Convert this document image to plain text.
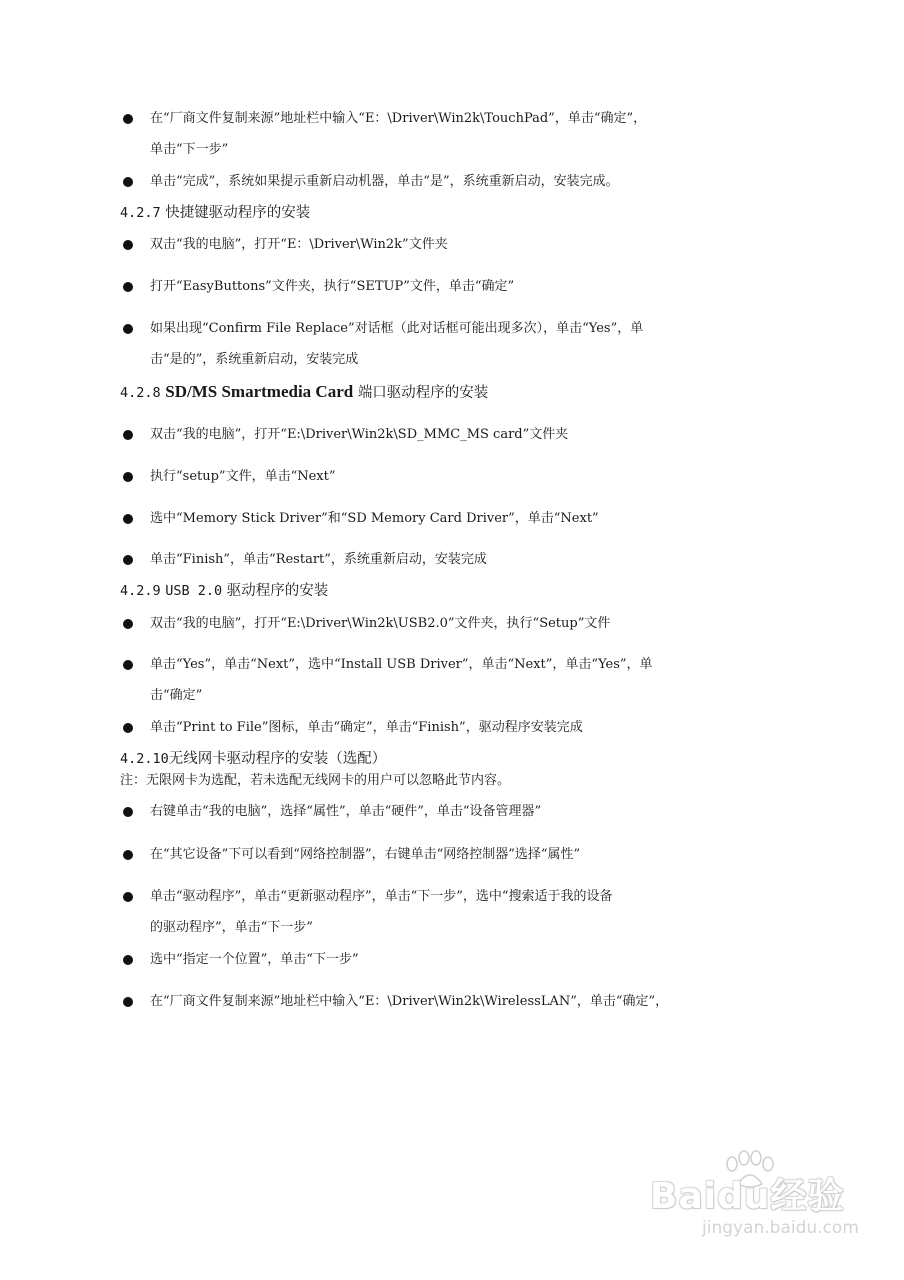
在“厂商文件复制来源”地址栏中输入“E：\Driver\Win2k\TouchPad”，单击“确定”，
单击“下一步”
单击“完成”，系统如果提示重新启动机器，单击“是”，系统重新启动，安装完成。
4.2.7 快捷键驱动程序的安装
双击“我的电脑”，打开“E：\Driver\Win2k”文件夹
打开“EasyButtons”文件夹，执行“SETUP”文件，单击“确定”
如果出现“Confirm File Replace”对话框（此对话框可能出现多次），单击“Yes”，单
击“是的”，系统重新启动，安装完成
4.2.8 SD/MS Smartmedia Card 端口驱动程序的安装
双击“我的电脑”，打开“E:\Driver\Win2k\SD_MMC_MS card”文件夹
执行“setup”文件，单击“Next”
选中“Memory Stick Driver”和“SD Memory Card Driver”，单击“Next”
单击“Finish”，单击“Restart”，系统重新启动，安装完成
4.2.9 USB 2.0 驱动程序的安装
双击“我的电脑”，打开“E:\Driver\Win2k\USB2.0”文件夹，执行“Setup”文件
单击“Yes”，单击“Next”，选中“Install USB Driver”，单击“Next”，单击“Yes”，单
击“确定”
单击“Print to File”图标，单击“确定”，单击“Finish”，驱动程序安装完成
4.2.10无线网卡驱动程序的安装（选配）
注：无限网卡为选配，若未选配无线网卡的用户可以忽略此节内容。
右键单击“我的电脑”，选择“属性”，单击“硬件”，单击“设备管理器”
在“其它设备”下可以看到“网络控制器”，右键单击“网络控制器”选择“属性”
单击“驱动程序”，单击“更新驱动程序”，单击“下一步”，选中“搜索适于我的设备
的驱动程序”，单击“下一步”
选中“指定一个位置”，单击“下一步”
在“厂商文件复制来源”地址栏中输入“E：\Driver\Win2k\WirelessLAN”，单击“确定”，
Baidu经验
jingyan.baidu.com
